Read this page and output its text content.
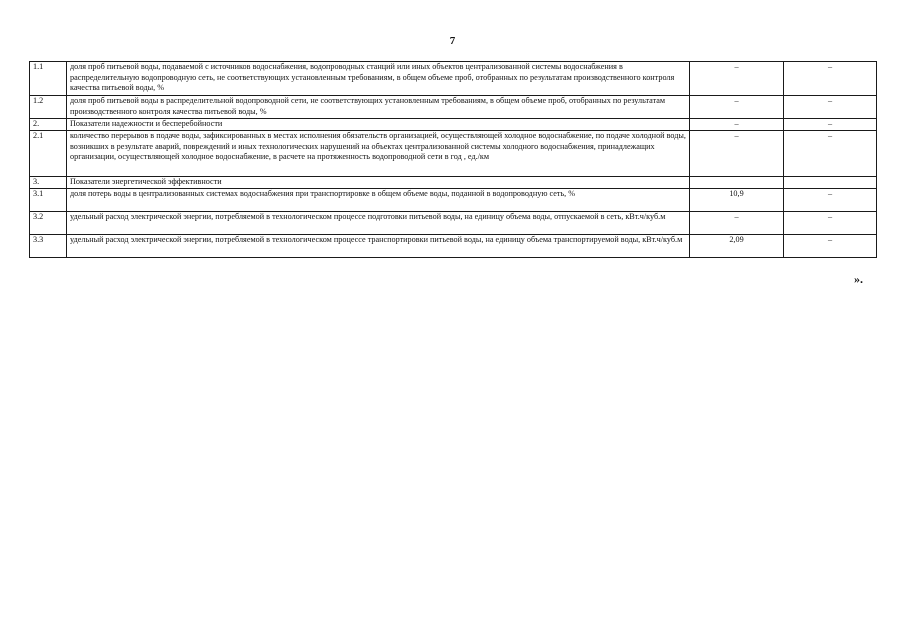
7
1.1	доля проб питьевой воды, подаваемой с источников водоснабжения, водопроводных станций или иных объектов централизованной системы водоснабжения в распределительную водопроводную сеть, не соответствующих установленным требованиям, в общем объеме проб, отобранных по результатам производственного контроля качества питьевой воды, %	–	–
1.2	доля проб питьевой воды в распределительной водопроводной сети, не соответствующих установленным требованиям, в общем объеме проб, отобранных по результатам производственного контроля качества питьевой воды, %	–	–
2.	Показатели надежности и бесперебойности	–	–
2.1	количество перерывов в подаче воды, зафиксированных в местах исполнения обязательств организацией, осуществляющей холодное водоснабжение, по подаче холодной воды, возникших в результате аварий, повреждений и иных технологических нарушений на объектах централизованной системы холодного водоснабжения, принадлежащих организации, осуществляющей холодное водоснабжение, в расчете на протяженность водопроводной сети в год , ед./км	–	–
3.	Показатели энергетической эффективности		
3.1	доля потерь воды в централизованных системах водоснабжения при транспортировке в общем объеме воды, поданной в водопроводную сеть, %	10,9	–
3.2	удельный расход электрической энергии, потребляемой в технологическом процессе подготовки питьевой воды, на единицу объема воды, отпускаемой в сеть, кВт.ч/куб.м	–	–
3.3	удельный расход электрической энергии, потребляемой в технологическом процессе транспортировки питьевой воды, на единицу объема транспортируемой воды, кВт.ч/куб.м	2,09	–
».
